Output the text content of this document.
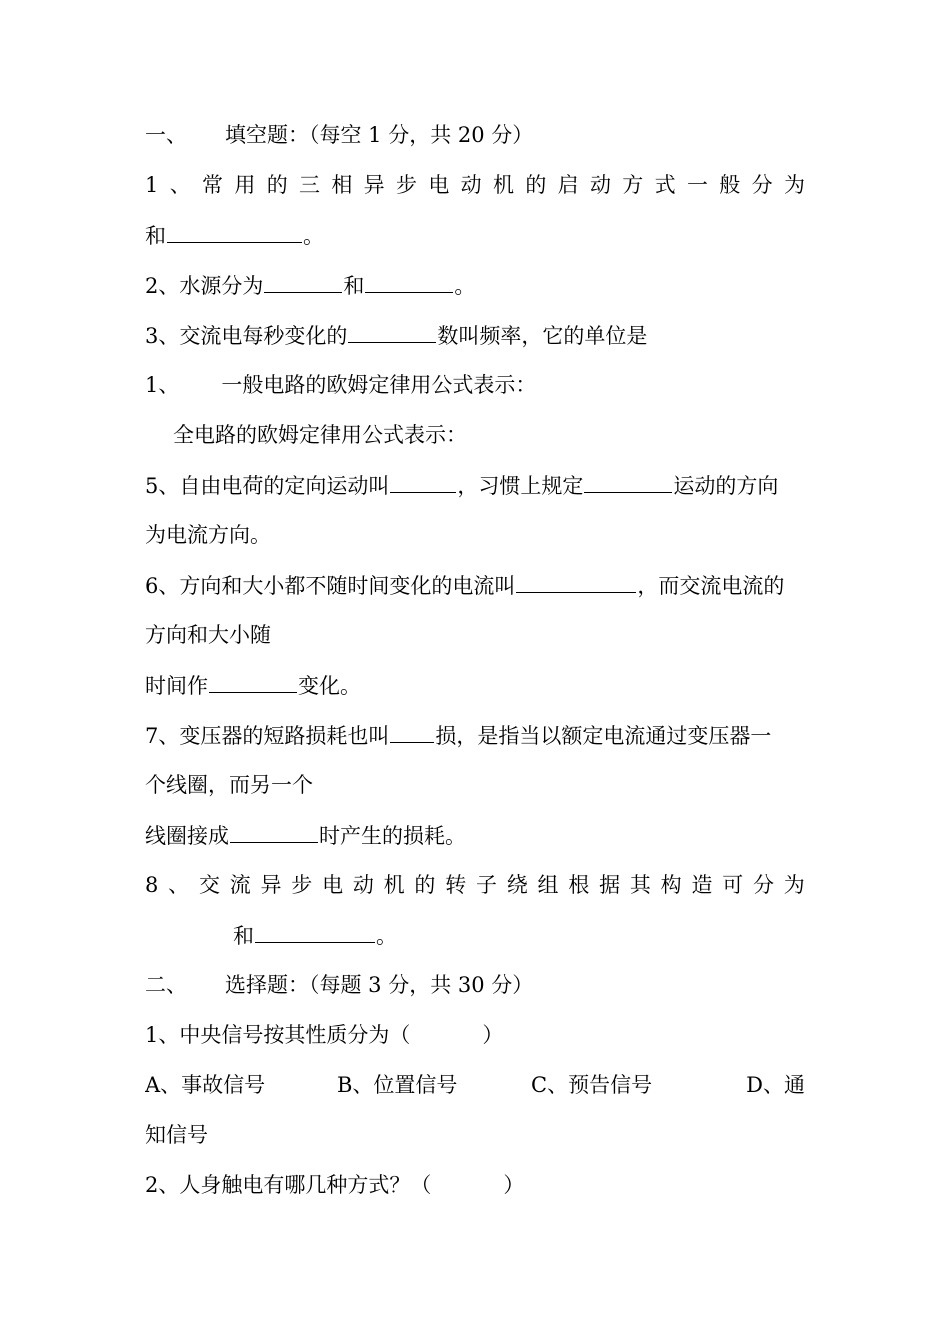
一、 填空题：（每空 1 分，共 20 分）
1 、 常 用 的 三 相 异 步 电 动 机 的 启 动 方 式 一 般 分 为
和	。
2、水源分为	和	。
3、交流电每秒变化的	数叫频率，它的单位是
1、 一般电路的欧姆定律用公式表示：
全电路的欧姆定律用公式表示：
5、自由电荷的定向运动叫	，习惯上规定	运动的方向
为电流方向。
6、方向和大小都不随时间变化的电流叫	，而交流电流的
方向和大小随
时间作	变化。
7、变压器的短路损耗也叫 损，是指当以额定电流通过变压器一
个线圈，而另一个
线圈接成	时产生的损耗。
8 、 交 流 异 步 电 动 机 的 转 子 绕 组 根 据 其 构 造 可 分 为
和	。
二、 选择题：（每题 3 分，共 30 分）
1、中央信号按其性质分为（	）
A、事故信号	B、位置信号	C、预告信号	D、通
知信号
2、人身触电有哪几种方式？（	）
